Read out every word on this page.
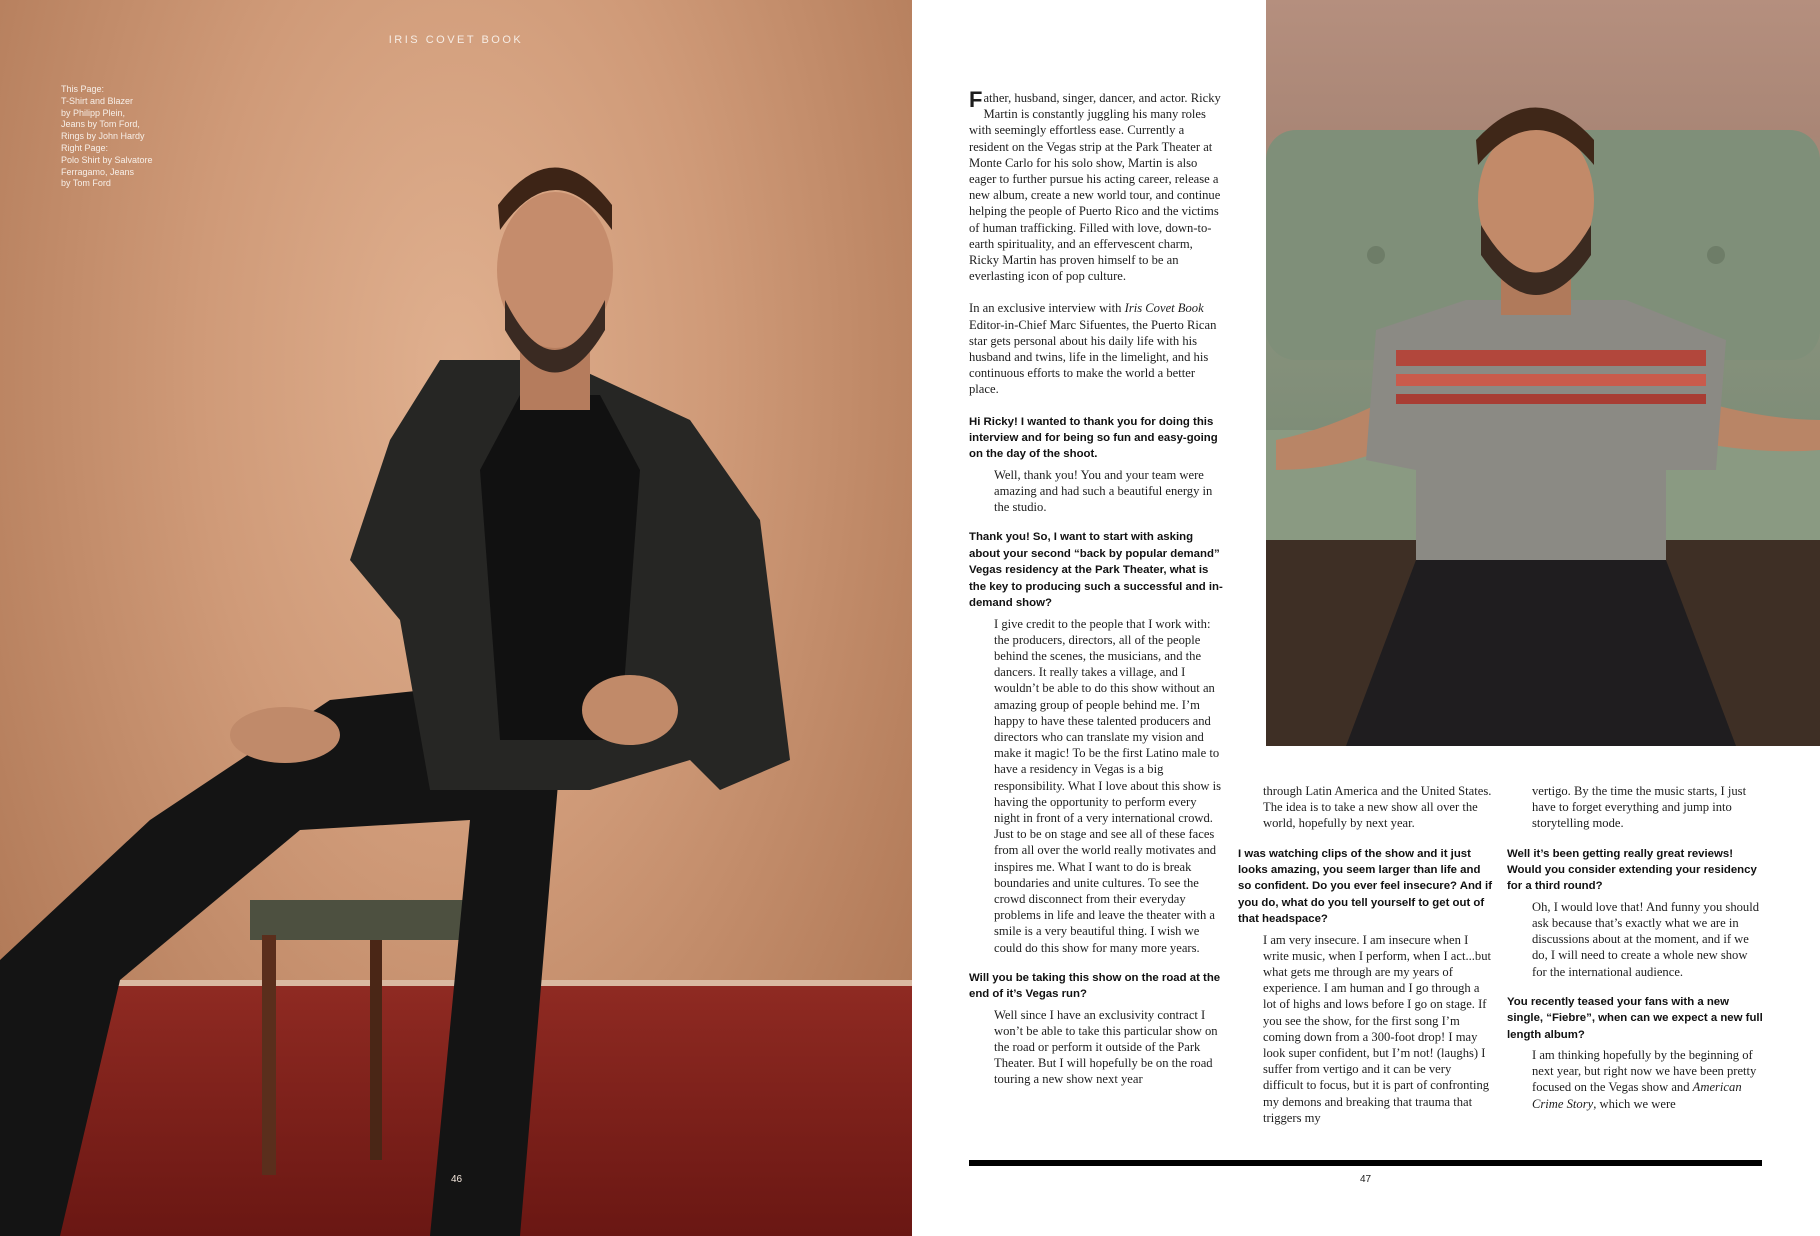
IRIS COVET BOOK
This Page:
T-Shirt and Blazer
by Philipp Plein,
Jeans by Tom Ford,
Rings by John Hardy
Right Page:
Polo Shirt by Salvatore
Ferragamo, Jeans
by Tom Ford
46

Father, husband, singer, dancer, and actor. Ricky Martin is constantly juggling his many roles with seemingly effortless ease. Currently a resident on the Vegas strip at the Park Theater at Monte Carlo for his solo show, Martin is also eager to further pursue his acting career, release a new album, create a new world tour, and continue helping the people of Puerto Rico and the victims of human trafficking. Filled with love, down-to-earth spirituality, and an effervescent charm, Ricky Martin has proven himself to be an everlasting icon of pop culture.

In an exclusive interview with Iris Covet Book Editor-in-Chief Marc Sifuentes, the Puerto Rican star gets personal about his daily life with his husband and twins, life in the limelight, and his continuous efforts to make the world a better place.

Hi Ricky! I wanted to thank you for doing this interview and for being so fun and easy-going on the day of the shoot.
Well, thank you! You and your team were amazing and had such a beautiful energy in the studio.
Thank you! So, I want to start with asking about your second “back by popular demand” Vegas residency at the Park Theater, what is the key to producing such a successful and in-demand show?
I give credit to the people that I work with: the producers, directors, all of the people behind the scenes, the musicians, and the dancers. It really takes a village, and I wouldn’t be able to do this show without an amazing group of people behind me. I’m happy to have these talented producers and directors who can translate my vision and make it magic! To be the first Latino male to have a residency in Vegas is a big responsibility. What I love about this show is having the opportunity to perform every night in front of a very international crowd. Just to be on stage and see all of these faces from all over the world really motivates and inspires me. What I want to do is break boundaries and unite cultures. To see the crowd disconnect from their everyday problems in life and leave the theater with a smile is a very beautiful thing. I wish we could do this show for many more years.
Will you be taking this show on the road at the end of it’s Vegas run?
Well since I have an exclusivity contract I won’t be able to take this particular show on the road or perform it outside of the Park Theater. But I will hopefully be on the road touring a new show next year
through Latin America and the United States. The idea is to take a new show all over the world, hopefully by next year.
I was watching clips of the show and it just looks amazing, you seem larger than life and so confident. Do you ever feel insecure? And if you do, what do you tell yourself to get out of that headspace?
I am very insecure. I am insecure when I write music, when I perform, when I act...but what gets me through are my years of experience. I am human and I go through a lot of highs and lows before I go on stage. If you see the show, for the first song I’m coming down from a 300-foot drop! I may look super confident, but I’m not! (laughs) I suffer from vertigo and it can be very difficult to focus, but it is part of confronting my demons and breaking that trauma that triggers my
vertigo. By the time the music starts, I just have to forget everything and jump into storytelling mode.
Well it’s been getting really great reviews! Would you consider extending your residency for a third round?
Oh, I would love that! And funny you should ask because that’s exactly what we are in discussions about at the moment, and if we do, I will need to create a whole new show for the international audience.
You recently teased your fans with a new single, “Fiebre”, when can we expect a new full length album?
I am thinking hopefully by the beginning of next year, but right now we have been pretty focused on the Vegas show and American Crime Story, which we were
47
